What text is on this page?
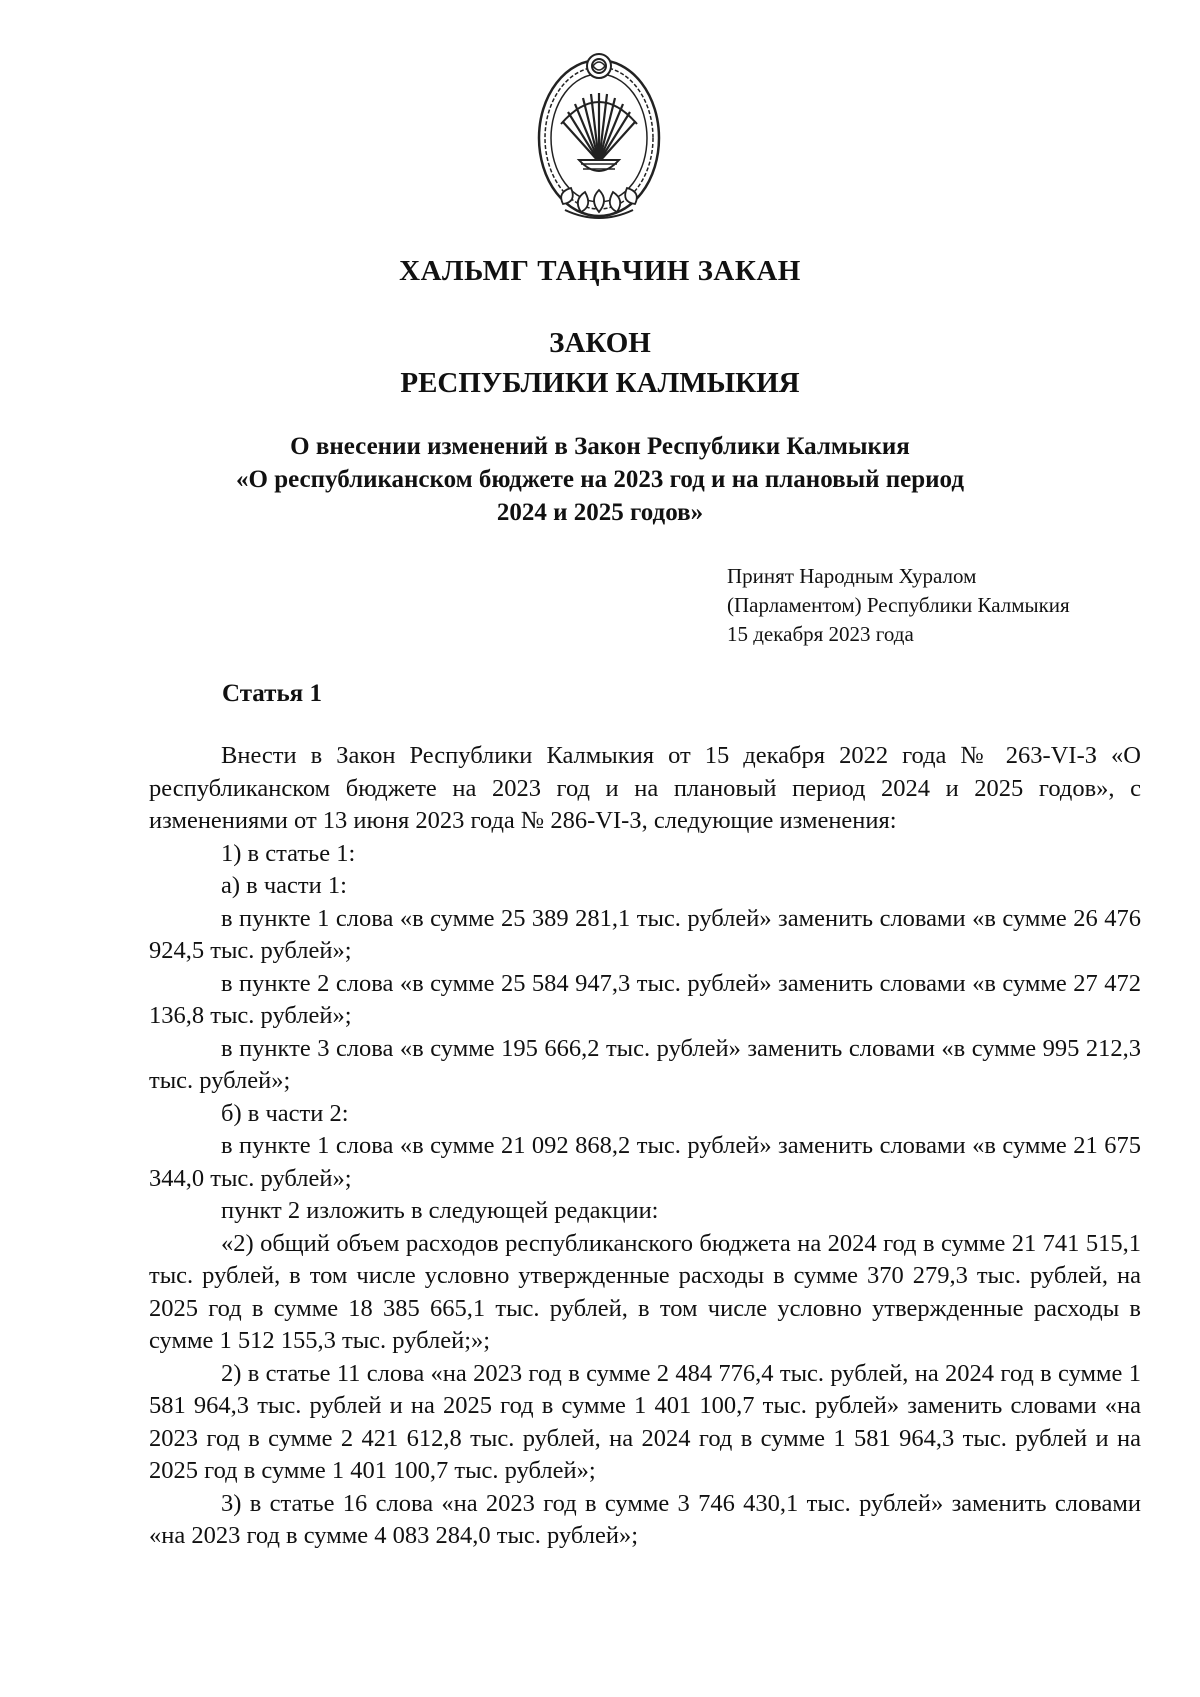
ХАЛЬМГ ТАҢҺЧИН ЗАКАН
ЗАКОН
РЕСПУБЛИКИ КАЛМЫКИЯ
О внесении изменений в Закон Республики Калмыкия
«О республиканском бюджете на 2023 год и на плановый период
2024 и 2025 годов»
Принят Народным Хуралом
(Парламентом) Республики Калмыкия
15 декабря 2023 года
Статья 1

Внести в Закон Республики Калмыкия от 15 декабря 2022 года № 263-VI-З «О республиканском бюджете на 2023 год и на плановый период 2024 и 2025 годов», с изменениями от 13 июня 2023 года № 286-VI-З, следующие изменения:

1) в статье 1:

а) в части 1:

в пункте 1 слова «в сумме 25 389 281,1 тыс. рублей» заменить словами «в сумме 26 476 924,5 тыс. рублей»;

в пункте 2 слова «в сумме 25 584 947,3 тыс. рублей» заменить словами «в сумме 27 472 136,8 тыс. рублей»;

в пункте 3 слова «в сумме 195 666,2 тыс. рублей» заменить словами «в сумме 995 212,3 тыс. рублей»;

б) в части 2:

в пункте 1 слова «в сумме 21 092 868,2 тыс. рублей» заменить словами «в сумме 21 675 344,0 тыс. рублей»;

пункт 2 изложить в следующей редакции:

«2) общий объем расходов республиканского бюджета на 2024 год в сумме 21 741 515,1 тыс. рублей, в том числе условно утвержденные расходы в сумме 370 279,3 тыс. рублей, на 2025 год в сумме 18 385 665,1 тыс. рублей, в том числе условно утвержденные расходы в сумме 1 512 155,3 тыс. рублей;»;

2) в статье 11 слова «на 2023 год в сумме 2 484 776,4 тыс. рублей, на 2024 год в сумме 1 581 964,3 тыс. рублей и на 2025 год в сумме 1 401 100,7 тыс. рублей» заменить словами «на 2023 год в сумме 2 421 612,8 тыс. рублей, на 2024 год в сумме 1 581 964,3 тыс. рублей и на 2025 год в сумме 1 401 100,7 тыс. рублей»;

3) в статье 16 слова «на 2023 год в сумме 3 746 430,1 тыс. рублей» заменить словами «на 2023 год в сумме 4 083 284,0 тыс. рублей»;
